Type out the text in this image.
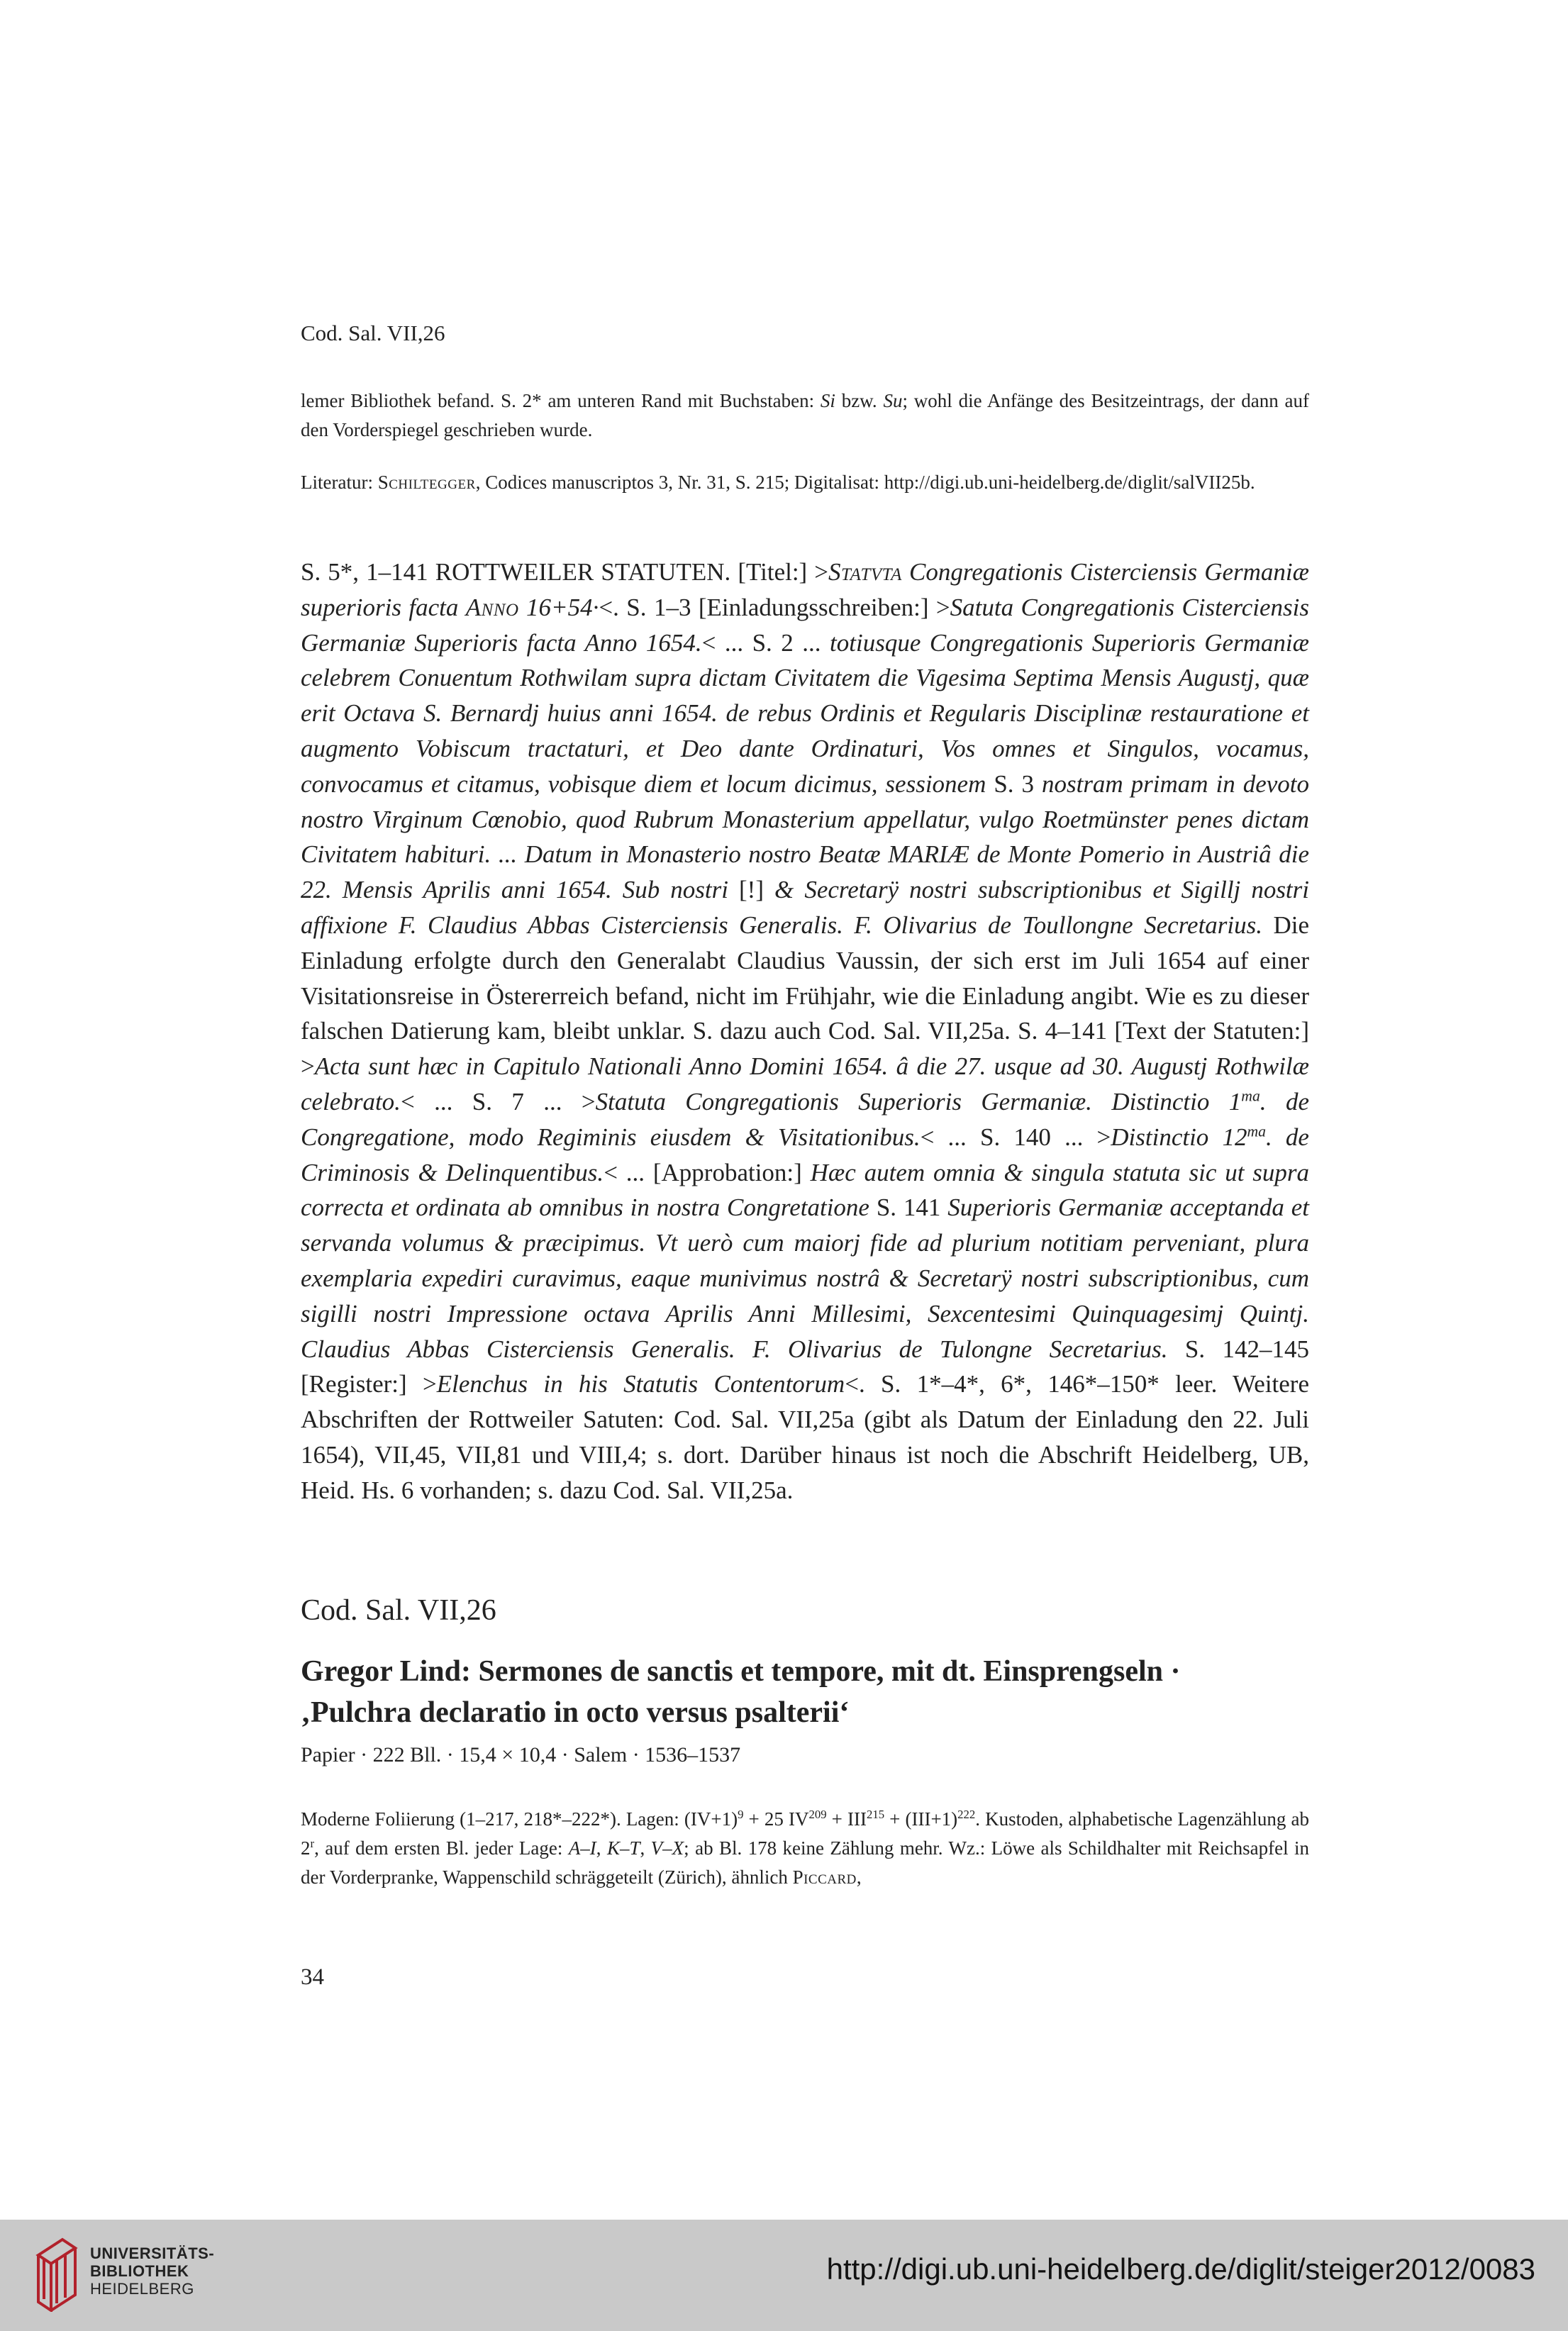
Cod. Sal. VII,26
lemer Bibliothek befand. S. 2* am unteren Rand mit Buchstaben: Si bzw. Su; wohl die Anfänge des Besitzeintrags, der dann auf den Vorderspiegel geschrieben wurde.
Literatur: Schiltegger, Codices manuscriptos 3, Nr. 31, S. 215; Digitalisat: http://digi.ub.uni-heidelberg.de/diglit/salVII25b.
S. 5*, 1–141 ROTTWEILER STATUTEN. [Titel:] >Statvta Congregationis Cisterciensis Germaniæ superioris facta Anno 16+54·<. S. 1–3 [Einladungsschreiben:] >Satuta Congregationis Cisterciensis Germaniæ Superioris facta Anno 1654.< ... S. 2 ... totiusque Congregationis Superioris Germaniæ celebrem Conuentum Rothwilam supra dictam Civitatem die Vigesima Septima Mensis Augustj, quæ erit Octava S. Bernardj huius anni 1654. de rebus Ordinis et Regularis Disciplinæ restauratione et augmento Vobiscum tractaturi, et Deo dante Ordinaturi, Vos omnes et Singulos, vocamus, convocamus et citamus, vobisque diem et locum dicimus, sessionem S. 3 nostram primam in devoto nostro Virginum Cœnobio, quod Rubrum Monasterium appellatur, vulgo Roetmünster penes dictam Civitatem habituri. ... Datum in Monasterio nostro Beatæ MARIÆ de Monte Pomerio in Austriâ die 22. Mensis Aprilis anni 1654. Sub nostri [!] & Secretarÿ nostri subscriptionibus et Sigillj nostri affixione F. Claudius Abbas Cisterciensis Generalis. F. Olivarius de Toullongne Secretarius. Die Einladung erfolgte durch den Generalabt Claudius Vaussin, der sich erst im Juli 1654 auf einer Visitationsreise in Östererreich befand, nicht im Frühjahr, wie die Einladung angibt. Wie es zu dieser falschen Datierung kam, bleibt unklar. S. dazu auch Cod. Sal. VII,25a. S. 4–141 [Text der Statuten:] >Acta sunt hæc in Capitulo Nationali Anno Domini 1654. â die 27. usque ad 30. Augustj Rothwilæ celebrato.< ... S. 7 ... >Statuta Congregationis Superioris Germaniæ. Distinctio $1^{ma}$. de Congregatione, modo Regiminis eiusdem & Visitationibus.< ... S. 140 ... >Distinctio $12^{ma}$. de Criminosis & Delinquentibus.< ... [Approbation:] Hæc autem omnia & singula statuta sic ut supra correcta et ordinata ab omnibus in nostra Congretatione S. 141 Superioris Germaniæ acceptanda et servanda volumus & præcipimus. Vt uerò cum maiorj fide ad plurium notitiam perveniant, plura exemplaria expediri curavimus, eaque munivimus nostrâ & Secretarÿ nostri subscriptionibus, cum sigilli nostri Impressione octava Aprilis Anni Millesimi, Sexcentesimi Quinquagesimj Quintj. Claudius Abbas Cisterciensis Generalis. F. Olivarius de Tulongne Secretarius. S. 142–145 [Register:] >Elenchus in his Statutis Contentorum<. S. 1*–4*, 6*, 146*–150* leer. Weitere Abschriften der Rottweiler Satuten: Cod. Sal. VII,25a (gibt als Datum der Einladung den 22. Juli 1654), VII,45, VII,81 und VIII,4; s. dort. Darüber hinaus ist noch die Abschrift Heidelberg, UB, Heid. Hs. 6 vorhanden; s. dazu Cod. Sal. VII,25a.
Cod. Sal. VII,26
Gregor Lind: Sermones de sanctis et tempore, mit dt. Einsprengseln ·
‚Pulchra declaratio in octo versus psalterii‘
Papier · 222 Bll. · 15,4 × 10,4 · Salem · 1536–1537
Moderne Foliierung (1–217, 218*–222*). Lagen: $(IV+1)^9 + 25$ $IV^{209} + III^{215} + (III+1)^{222}$. Kustoden, alphabetische Lagenzählung ab 2$^r$, auf dem ersten Bl. jeder Lage: A–I, K–T, V–X; ab Bl. 178 keine Zählung mehr. Wz.: Löwe als Schildhalter mit Reichsapfel in der Vorderpranke, Wappenschild schräggeteilt (Zürich), ähnlich Piccard,
34
UNIVERSITÄTS-
BIBLIOTHEK
HEIDELBERG
http://digi.ub.uni-heidelberg.de/diglit/steiger2012/0083
